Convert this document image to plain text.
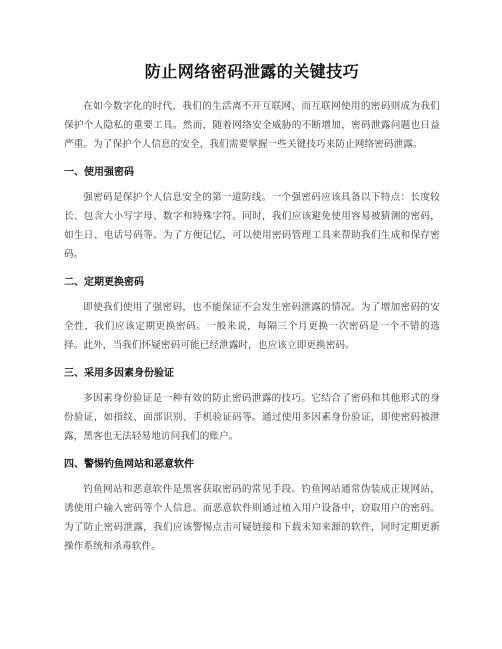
防止网络密码泄露的关键技巧

在如今数字化的时代，我们的生活离不开互联网，而互联网使用的密码则成为我们保护个人隐私的重要工具。然而，随着网络安全威胁的不断增加，密码泄露问题也日益严重。为了保护个人信息的安全，我们需要掌握一些关键技巧来防止网络密码泄露。

一、使用强密码

强密码是保护个人信息安全的第一道防线。一个强密码应该具备以下特点：长度较长、包含大小写字母、数字和特殊字符。同时，我们应该避免使用容易被猜测的密码，如生日、电话号码等。为了方便记忆，可以使用密码管理工具来帮助我们生成和保存密码。

二、定期更换密码

即使我们使用了强密码，也不能保证不会发生密码泄露的情况。为了增加密码的安全性，我们应该定期更换密码。一般来说，每隔三个月更换一次密码是一个不错的选择。此外，当我们怀疑密码可能已经泄露时，也应该立即更换密码。

三、采用多因素身份验证

多因素身份验证是一种有效的防止密码泄露的技巧。它结合了密码和其他形式的身份验证，如指纹、面部识别、手机验证码等。通过使用多因素身份验证，即使密码被泄露，黑客也无法轻易地访问我们的账户。

四、警惕钓鱼网站和恶意软件

钓鱼网站和恶意软件是黑客获取密码的常见手段。钓鱼网站通常伪装成正规网站，诱使用户输入密码等个人信息。而恶意软件则通过植入用户设备中，窃取用户的密码。为了防止密码泄露，我们应该警惕点击可疑链接和下载未知来源的软件，同时定期更新操作系统和杀毒软件。
